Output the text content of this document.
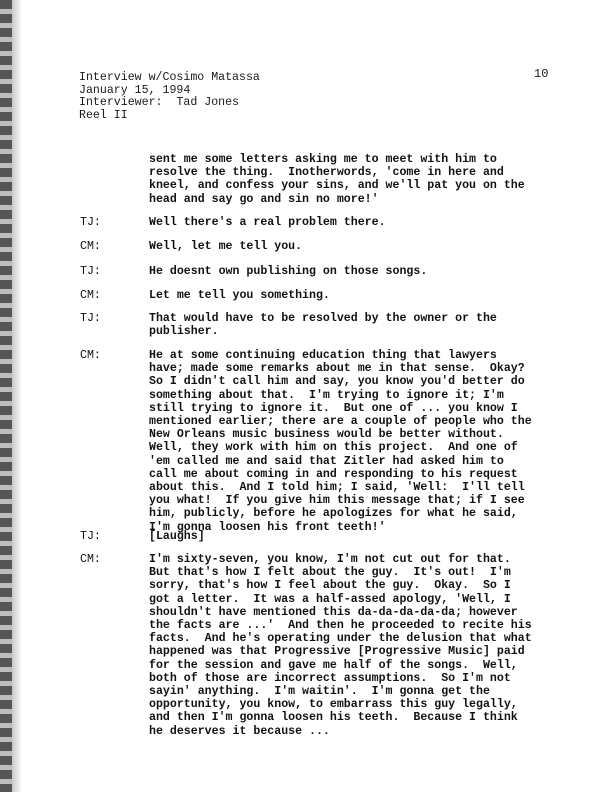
Interview w/Cosimo Matassa
January 15, 1994
Interviewer:  Tad Jones
Reel II
10
sent me some letters asking me to meet with him to
resolve the thing.  Inotherwords, 'come in here and
kneel, and confess your sins, and we'll pat you on the
head and say go and sin no more!'
TJ:	Well there's a real problem there.
CM:	Well, let me tell you.
TJ:	He doesnt own publishing on those songs.
CM:	Let me tell you something.
TJ:	That would have to be resolved by the owner or the
publisher.
CM:	He at some continuing education thing that lawyers
have; made some remarks about me in that sense.  Okay?
So I didn't call him and say, you know you'd better do
something about that.  I'm trying to ignore it; I'm
still trying to ignore it.  But one of ... you know I
mentioned earlier; there are a couple of people who the
New Orleans music business would be better without.
Well, they work with him on this project.  And one of
'em called me and said that Zitler had asked him to
call me about coming in and responding to his request
about this.  And I told him; I said, 'Well:  I'll tell
you what!  If you give him this message that; if I see
him, publicly, before he apologizes for what he said,
I'm gonna loosen his front teeth!'
TJ:	[Laughs]
CM:	I'm sixty-seven, you know, I'm not cut out for that.
But that's how I felt about the guy.  It's out!  I'm
sorry, that's how I feel about the guy.  Okay.  So I
got a letter.  It was a half-assed apology, 'Well, I
shouldn't have mentioned this da-da-da-da-da; however
the facts are ...'  And then he proceeded to recite his
facts.  And he's operating under the delusion that what
happened was that Progressive [Progressive Music] paid
for the session and gave me half of the songs.  Well,
both of those are incorrect assumptions.  So I'm not
sayin' anything.  I'm waitin'.  I'm gonna get the
opportunity, you know, to embarrass this guy legally,
and then I'm gonna loosen his teeth.  Because I think
he deserves it because ...
